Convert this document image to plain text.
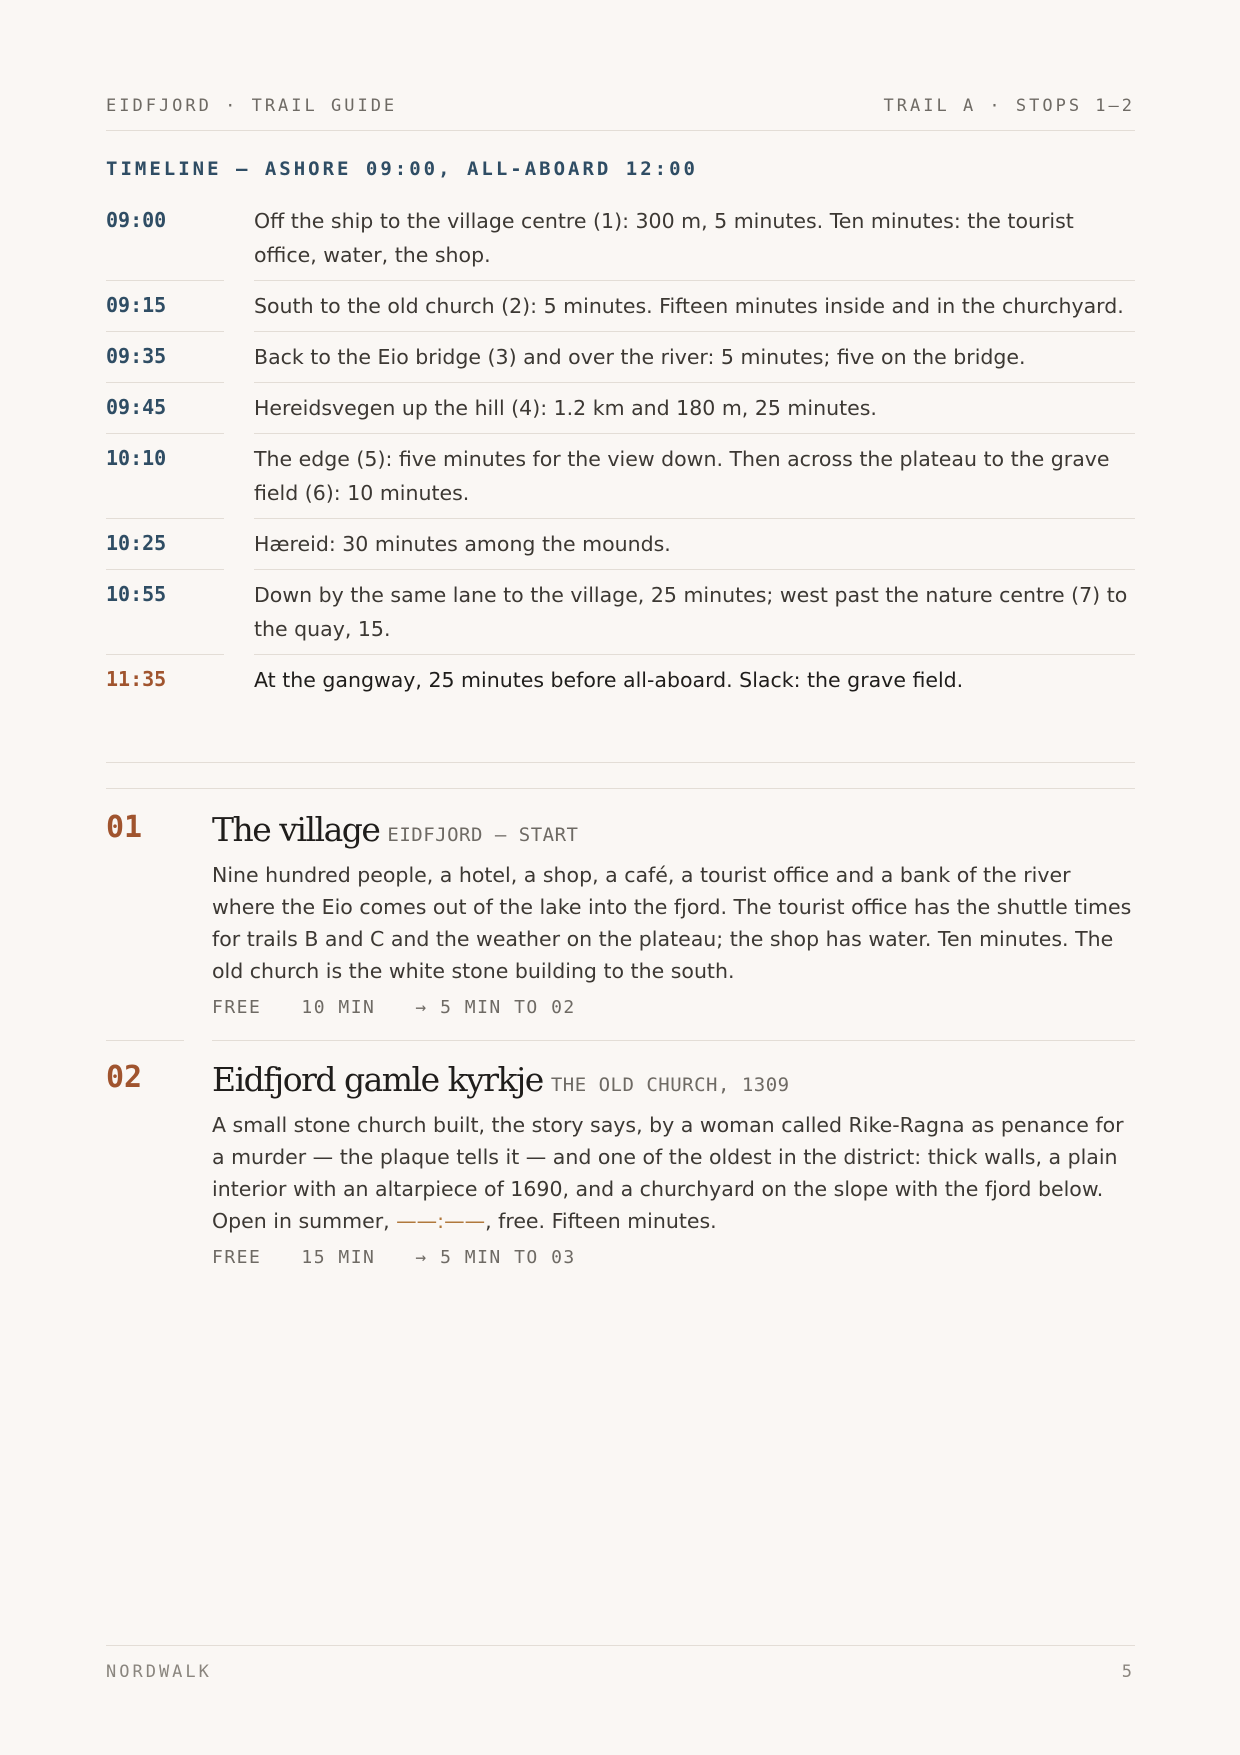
EIDFJORD · TRAIL GUIDE	TRAIL A · STOPS 1–2
TIMELINE — ASHORE 09:00, ALL-ABOARD 12:00
09:00	Off the ship to the village centre (1): 300 m, 5 minutes. Ten minutes: the tourist office, water, the shop.
09:15	South to the old church (2): 5 minutes. Fifteen minutes inside and in the churchyard.
09:35	Back to the Eio bridge (3) and over the river: 5 minutes; five on the bridge.
09:45	Hereidsvegen up the hill (4): 1.2 km and 180 m, 25 minutes.
10:10	The edge (5): five minutes for the view down. Then across the plateau to the grave field (6): 10 minutes.
10:25	Hæreid: 30 minutes among the mounds.
10:55	Down by the same lane to the village, 25 minutes; west past the nature centre (7) to the quay, 15.
11:35	At the gangway, 25 minutes before all-aboard. Slack: the grave field.
01 The village EIDFJORD — START

Nine hundred people, a hotel, a shop, a café, a tourist office and a bank of the river where the Eio comes out of the lake into the fjord. The tourist office has the shuttle times for trails B and C and the weather on the plateau; the shop has water. Ten minutes. The old church is the white stone building to the south.

FREE 10 MIN → 5 MIN TO 02
02 Eidfjord gamle kyrkje THE OLD CHURCH, 1309

A small stone church built, the story says, by a woman called Rike-Ragna as penance for a murder — the plaque tells it — and one of the oldest in the district: thick walls, a plain interior with an altarpiece of 1690, and a churchyard on the slope with the fjord below. Open in summer, ——:——, free. Fifteen minutes.

FREE 15 MIN → 5 MIN TO 03
NORDWALK	5
